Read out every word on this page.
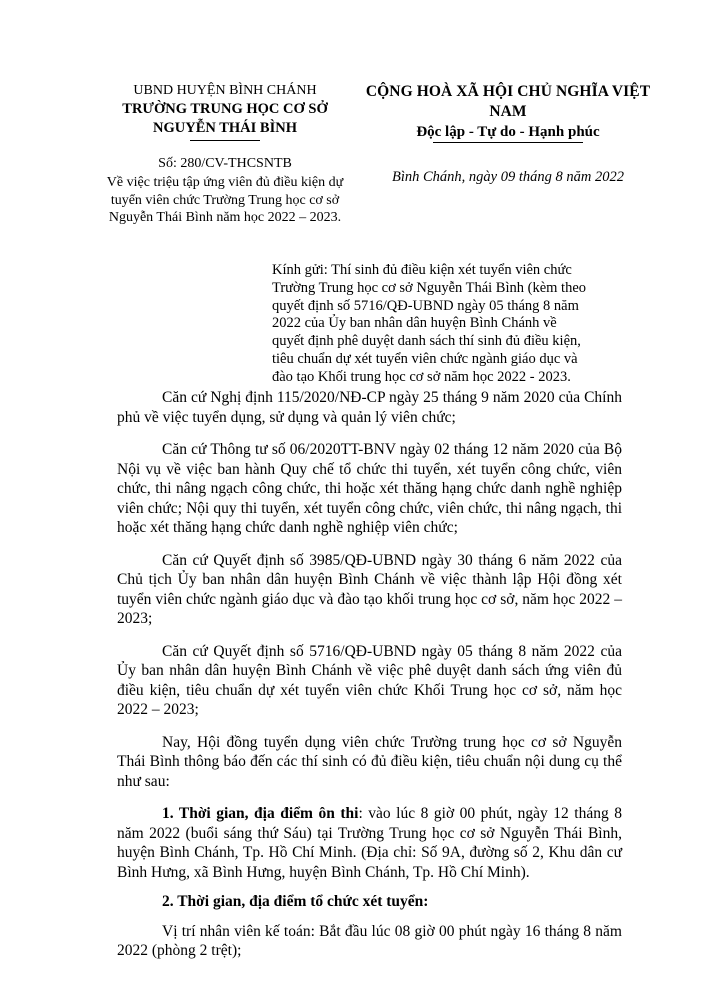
UBND HUYỆN BÌNH CHÁNH
TRƯỜNG TRUNG HỌC CƠ SỞ
NGUYỄN THÁI BÌNH
Số: 280/CV-THCSNTB
Về việc triệu tập ứng viên đủ điều kiện dự tuyển viên chức Trường Trung học cơ sở Nguyễn Thái Bình năm học 2022 – 2023.
CỘNG HOÀ XÃ HỘI CHỦ NGHĨA VIỆT NAM
Độc lập - Tự do - Hạnh phúc
Bình Chánh, ngày 09 tháng 8 năm 2022
Kính gửi: Thí sinh đủ điều kiện xét tuyển viên chức Trường Trung học cơ sở Nguyễn Thái Bình (kèm theo quyết định số 5716/QĐ-UBND ngày 05 tháng 8 năm 2022 của Ủy ban nhân dân huyện Bình Chánh về quyết định phê duyệt danh sách thí sinh đủ điều kiện, tiêu chuẩn dự xét tuyển viên chức ngành giáo dục và đào tạo Khối trung học cơ sở năm học 2022 - 2023.

Căn cứ Nghị định 115/2020/NĐ-CP ngày 25 tháng 9 năm 2020 của Chính phủ về việc tuyển dụng, sử dụng và quản lý viên chức;

Căn cứ Thông tư số 06/2020TT-BNV ngày 02 tháng 12 năm 2020 của Bộ Nội vụ về việc ban hành Quy chế tổ chức thi tuyển, xét tuyển công chức, viên chức, thi nâng ngạch công chức, thi hoặc xét thăng hạng chức danh nghề nghiệp viên chức; Nội quy thi tuyển, xét tuyển công chức, viên chức, thi nâng ngạch, thi hoặc xét thăng hạng chức danh nghề nghiệp viên chức;

Căn cứ Quyết định số 3985/QĐ-UBND ngày 30 tháng 6 năm 2022 của Chủ tịch Ủy ban nhân dân huyện Bình Chánh về việc thành lập Hội đồng xét tuyển viên chức ngành giáo dục và đào tạo khối trung học cơ sở, năm học 2022 – 2023;

Căn cứ Quyết định số 5716/QĐ-UBND ngày 05 tháng 8 năm 2022 của Ủy ban nhân dân huyện Bình Chánh về việc phê duyệt danh sách ứng viên đủ điều kiện, tiêu chuẩn dự xét tuyển viên chức Khối Trung học cơ sở, năm học 2022 – 2023;

Nay, Hội đồng tuyển dụng viên chức Trường trung học cơ sở Nguyễn Thái Bình thông báo đến các thí sinh có đủ điều kiện, tiêu chuẩn nội dung cụ thể như sau:

1. Thời gian, địa điểm ôn thi: vào lúc 8 giờ 00 phút, ngày 12 tháng 8 năm 2022 (buổi sáng thứ Sáu) tại Trường Trung học cơ sở Nguyễn Thái Bình, huyện Bình Chánh, Tp. Hồ Chí Minh. (Địa chỉ: Số 9A, đường số 2, Khu dân cư Bình Hưng, xã Bình Hưng, huyện Bình Chánh, Tp. Hồ Chí Minh).

2. Thời gian, địa điểm tổ chức xét tuyển:

Vị trí nhân viên kế toán: Bắt đầu lúc 08 giờ 00 phút ngày 16 tháng 8 năm 2022 (phòng 2 trệt);
